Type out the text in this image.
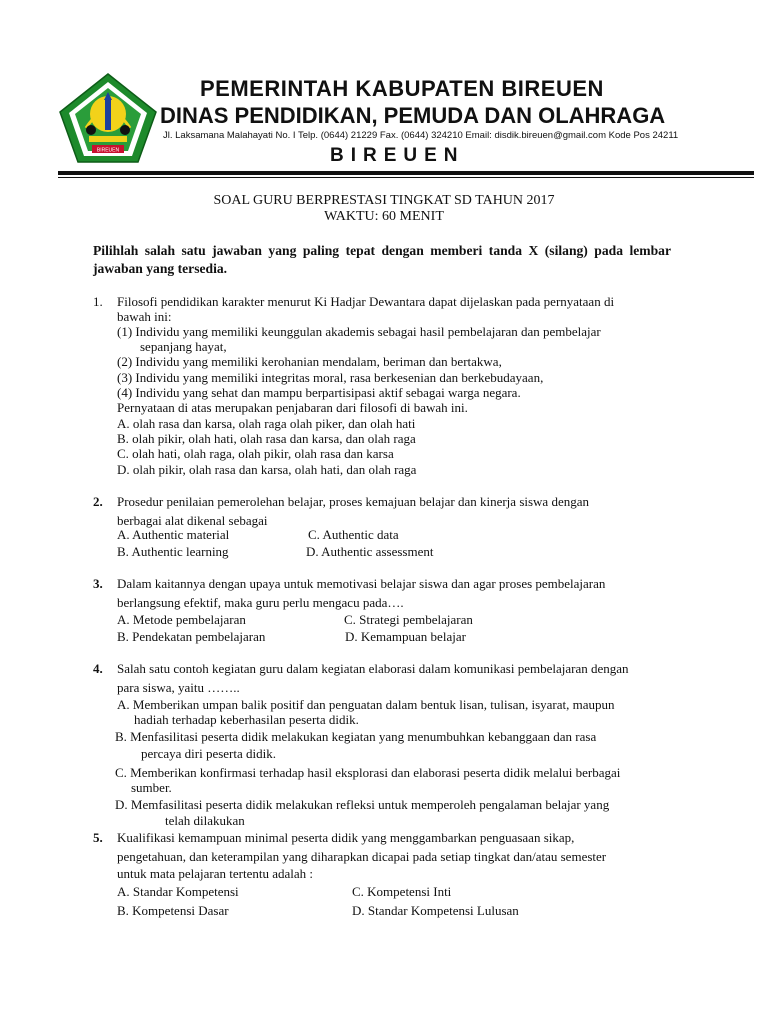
BIREUEN
PEMERINTAH KABUPATEN BIREUEN
DINAS PENDIDIKAN, PEMUDA DAN OLAHRAGA
Jl. Laksamana Malahayati No. I Telp. (0644) 21229 Fax. (0644) 324210 Email: disdik.bireuen@gmail.com Kode Pos 24211
BIREUEN
SOAL GURU BERPRESTASI TINGKAT SD TAHUN 2017
WAKTU: 60 MENIT
Pilihlah salah satu jawaban yang paling tepat dengan memberi tanda X (silang) pada lembar jawaban yang tersedia.
1. Filosofi pendidikan karakter menurut Ki Hadjar Dewantara dapat dijelaskan pada pernyataan di
bawah ini:
(1) Individu yang memiliki keunggulan akademis sebagai hasil pembelajaran dan pembelajar
sepanjang hayat,
(2) Individu yang memiliki kerohanian mendalam, beriman dan bertakwa,
(3) Individu yang memiliki integritas moral, rasa berkesenian dan berkebudayaan,
(4) Individu yang sehat dan mampu berpartisipasi aktif sebagai warga negara.
Pernyataan di atas merupakan penjabaran dari filosofi di bawah ini.
A. olah rasa dan karsa, olah raga olah piker, dan olah hati
B. olah pikir, olah hati, olah rasa dan karsa, dan olah raga
C. olah hati, olah raga, olah pikir, olah rasa dan karsa
D. olah pikir, olah rasa dan karsa, olah hati, dan olah raga
2. Prosedur penilaian pemerolehan belajar, proses kemajuan belajar dan kinerja siswa dengan
berbagai alat dikenal sebagai
A. Authentic material
B. Authentic learning
C. Authentic data
D. Authentic assessment
3. Dalam kaitannya dengan upaya untuk memotivasi belajar siswa dan agar proses pembelajaran
berlangsung efektif, maka guru perlu mengacu pada….
A. Metode pembelajaran
B. Pendekatan pembelajaran
C. Strategi pembelajaran
D. Kemampuan belajar
4. Salah satu contoh kegiatan guru dalam kegiatan elaborasi dalam komunikasi pembelajaran dengan
para siswa, yaitu ……..
A. Memberikan umpan balik positif dan penguatan dalam bentuk lisan, tulisan, isyarat, maupun
hadiah terhadap keberhasilan peserta didik.
B. Menfasilitasi peserta didik melakukan kegiatan yang menumbuhkan kebanggaan dan rasa
percaya diri peserta didik.
C. Memberikan konfirmasi terhadap hasil eksplorasi dan elaborasi peserta didik melalui berbagai
sumber.
D. Memfasilitasi peserta didik melakukan refleksi untuk memperoleh pengalaman belajar yang
telah dilakukan
5. Kualifikasi kemampuan minimal peserta didik yang menggambarkan penguasaan sikap,
pengetahuan, dan keterampilan yang diharapkan dicapai pada setiap tingkat dan/atau semester
untuk mata pelajaran tertentu adalah :
A. Standar Kompetensi
B. Kompetensi Dasar
C. Kompetensi Inti
D. Standar Kompetensi Lulusan
